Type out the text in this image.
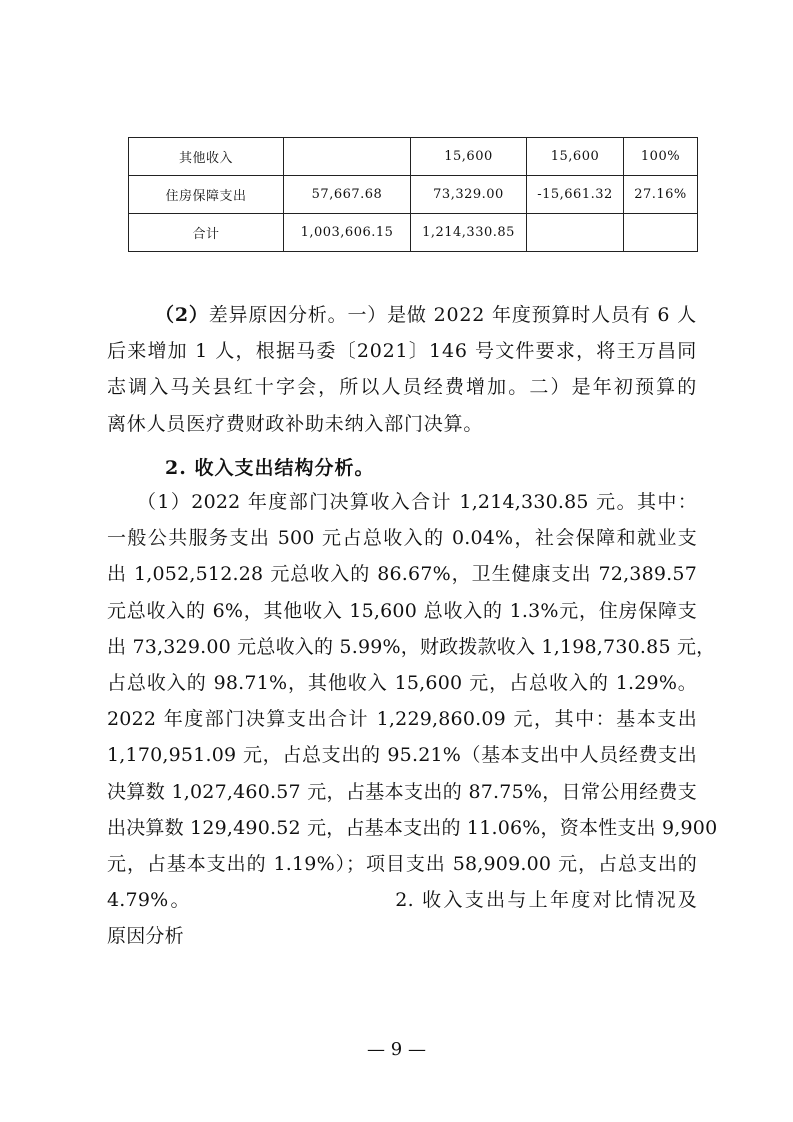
其他收入		15,600	15,600	100%
住房保障支出	57,667.68	73,329.00	-15,661.32	27.16%
合计	1,003,606.15	1,214,330.85		
（2）差异原因分析。一）是做 2022 年度预算时人员有 6 人
后来增加 1 人，根据马委〔2021〕146 号文件要求，将王万昌同
志调入马关县红十字会，所以人员经费增加。二）是年初预算的
离休人员医疗费财政补助未纳入部门决算。
2. 收入支出结构分析。
（1）2022 年度部门决算收入合计 1,214,330.85 元。其中：
一般公共服务支出 500 元占总收入的 0.04%，社会保障和就业支
出 1,052,512.28 元总收入的 86.67%，卫生健康支出 72,389.57
元总收入的 6%，其他收入 15,600 总收入的 1.3%元，住房保障支
出 73,329.00 元总收入的 5.99%，财政拨款收入 1,198,730.85 元，
占总收入的 98.71%，其他收入 15,600 元，占总收入的 1.29%。
2022 年度部门决算支出合计 1,229,860.09 元，其中：基本支出
1,170,951.09 元，占总支出的 95.21%（基本支出中人员经费支出
决算数 1,027,460.57 元，占基本支出的 87.75%，日常公用经费支
出决算数 129,490.52 元，占基本支出的 11.06%，资本性支出 9,900
元，占基本支出的 1.19%）；项目支出 58,909.00 元，占总支出的
4.79%。　　　　　　　　　　2. 收入支出与上年度对比情况及
原因分析
— 9 —
